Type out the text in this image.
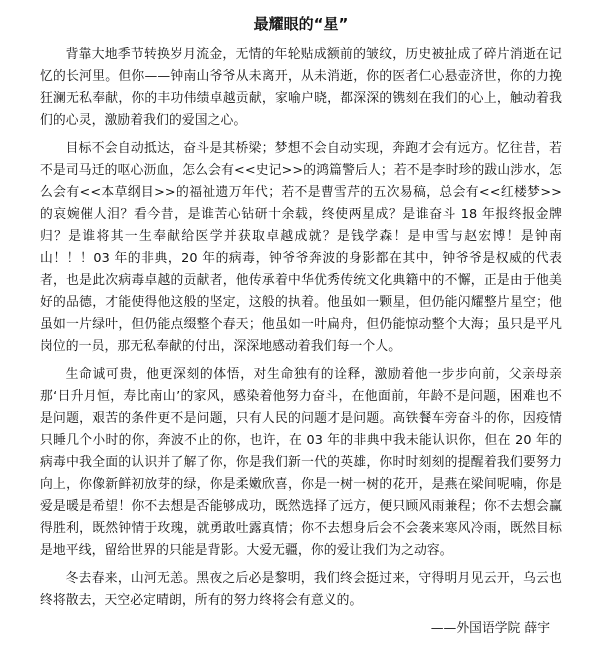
最耀眼的“星”

背靠大地季节转换岁月流金，无情的年轮贴成额前的皱纹，历史被扯成了碎片消逝在记忆的长河里。但你——钟南山爷爷从未离开，从未消逝，你的医者仁心悬壶济世，你的力挽狂澜无私奉献，你的丰功伟绩卓越贡献，家喻户晓，都深深的镌刻在我们的心上，触动着我们的心灵，激励着我们的爱国之心。

目标不会自动抵达，奋斗是其桥梁；梦想不会自动实现，奔跑才会有远方。忆往昔，若不是司马迁的呕心沥血，怎么会有<<史记>>的鸿篇警后人；若不是李时珍的跋山涉水，怎么会有<<本草纲目>>的福祉遗万年代；若不是曹雪芹的五次易稿，总会有<<红楼梦>>的哀婉催人泪？看今昔，是谁苦心钻研十余载，终使两星成？是谁奋斗 18 年报终报金牌归？是谁将其一生奉献给医学并获取卓越成就？是钱学森！是申雪与赵宏博！是钟南山！！！03 年的非典，20 年的病毒，钟爷爷奔波的身影都在其中，钟爷爷是权威的代表者，也是此次病毒卓越的贡献者，他传承着中华优秀传统文化典籍中的不懈，正是由于他美好的品德，才能使得他这般的坚定，这般的执着。他虽如一颗星，但仍能闪耀整片星空；他虽如一片绿叶，但仍能点缀整个春天；他虽如一叶扁舟，但仍能惊动整个大海；虽只是平凡岗位的一员，那无私奉献的付出，深深地感动着我们每一个人。

生命诚可贵，他更深刻的体悟，对生命独有的诠释，激励着他一步步向前，父亲母亲那‘日升月恒，寿比南山’的家风，感染着他努力奋斗，在他面前，年龄不是问题，困难也不是问题，艰苦的条件更不是问题，只有人民的问题才是问题。高铁餐车旁奋斗的你，因疫情只睡几个小时的你，奔波不止的你，也许，在 03 年的非典中我未能认识你，但在 20 年的病毒中我全面的认识并了解了你，你是我们新一代的英雄，你时时刻刻的提醒着我们要努力向上，你像新鲜初放芽的绿，你是柔嫩欣喜，你是一树一树的花开，是燕在梁间呢喃，你是爱是暖是希望！你不去想是否能够成功，既然选择了远方，便只顾风雨兼程；你不去想会赢得胜利，既然钟情于玫瑰，就勇敢吐露真情；你不去想身后会不会袭来寒风冷雨，既然目标是地平线，留给世界的只能是背影。大爱无疆，你的爱让我们为之动容。

冬去春来，山河无恙。黑夜之后必是黎明，我们终会挺过来，守得明月见云开，乌云也终将散去，天空必定晴朗，所有的努力终将会有意义的。

——外国语学院 薛宇
